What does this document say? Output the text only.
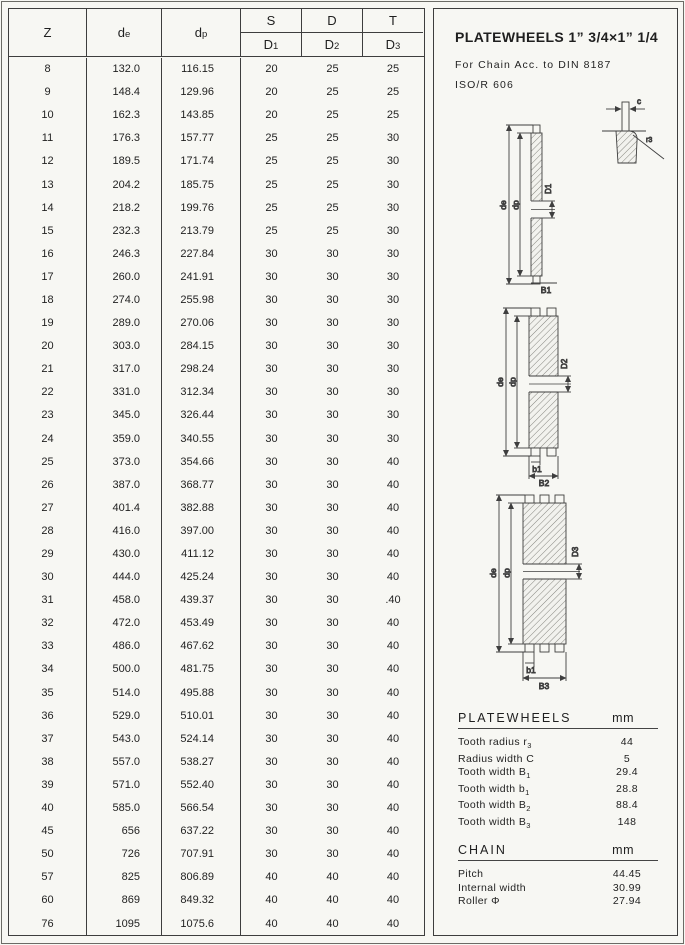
Z	d e	d p
S	D	T
D 1	D 2	D 3
8	132.0	116.15	20	25	25
9	148.4	129.96	20	25	25
10	162.3	143.85	20	25	25
11	176.3	157.77	25	25	30
12	189.5	171.74	25	25	30
13	204.2	185.75	25	25	30
14	218.2	199.76	25	25	30
15	232.3	213.79	25	25	30
16	246.3	227.84	30	30	30
17	260.0	241.91	30	30	30
18	274.0	255.98	30	30	30
19	289.0	270.06	30	30	30
20	303.0	284.15	30	30	30
21	317.0	298.24	30	30	30
22	331.0	312.34	30	30	30
23	345.0	326.44	30	30	30
24	359.0	340.55	30	30	30
25	373.0	354.66	30	30	40
26	387.0	368.77	30	30	40
27	401.4	382.88	30	30	40
28	416.0	397.00	30	30	40
29	430.0	411.12	30	30	40
30	444.0	425.24	30	30	40
31	458.0	439.37	30	30	.40
32	472.0	453.49	30	30	40
33	486.0	467.62	30	30	40
34	500.0	481.75	30	30	40
35	514.0	495.88	30	30	40
36	529.0	510.01	30	30	40
37	543.0	524.14	30	30	40
38	557.0	538.27	30	30	40
39	571.0	552.40	30	30	40
40	585.0	566.54	30	30	40
45	656	637.22	30	30	40
50	726	707.91	30	30	40
57	825	806.89	40	40	40
60	869	849.32	40	40	40
76	1095	1075.6	40	40	40
PLATEWHEELS 1” 3/4×1” 1/4
For Chain Acc. to DIN 8187
ISO/R 606
c
r3
de dp
D1
B1
de dp
D2
b1
B2
de dp
D3
b1
B3
PLATEWHEELS	mm
Tooth radius $r_3$	44
Radius width C	5
Tooth width $B_1$	29.4
Tooth width $b_1$	28.8
Tooth width $B_2$	88.4
Tooth width $B_3$	148
CHAIN	mm
Pitch	44.45
Internal width	30.99
Roller Φ	27.94
